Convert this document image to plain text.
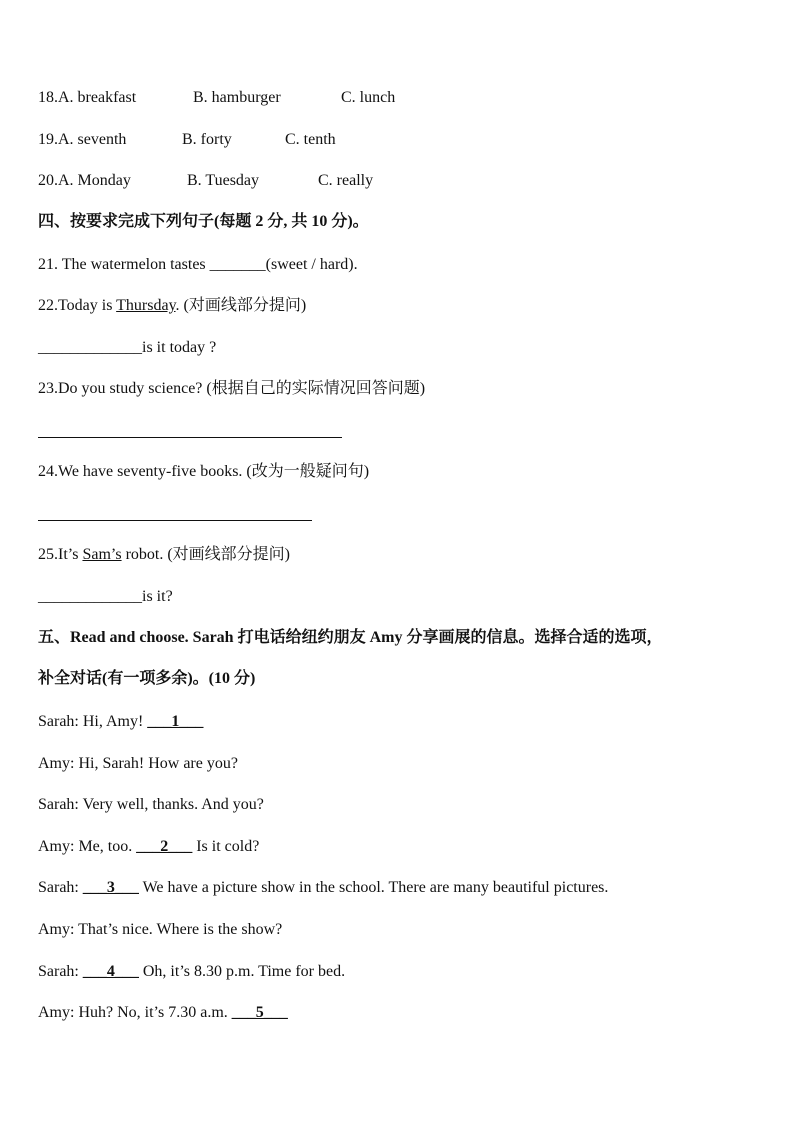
18.A. breakfast	B. hamburger	C. lunch
19.A. seventh	B. forty	C. tenth
20.A. Monday	B. Tuesday	C. really
四、按要求完成下列句子(每题 2 分, 共 10 分)。
21. The watermelon tastes _______(sweet / hard).
22.Today is Thursday. (对画线部分提问)
_____________is it today ?
23.Do you study science? (根据自己的实际情况回答问题)
24.We have seventy-five books. (改为一般疑问句)
25.It’s Sam’s robot. (对画线部分提问)
_____________is it?
五、Read and choose. Sarah 打电话给纽约朋友 Amy 分享画展的信息。选择合适的选项，
补全对话(有一项多余)。(10 分)
Sarah: Hi, Amy! ___1___
Amy: Hi, Sarah! How are you?
Sarah: Very well, thanks. And you?
Amy: Me, too. ___2___ Is it cold?
Sarah: ___3___ We have a picture show in the school. There are many beautiful pictures.
Amy: That’s nice. Where is the show?
Sarah: ___4___ Oh, it’s 8.30 p.m. Time for bed.
Amy: Huh? No, it’s 7.30 a.m. ___5___
